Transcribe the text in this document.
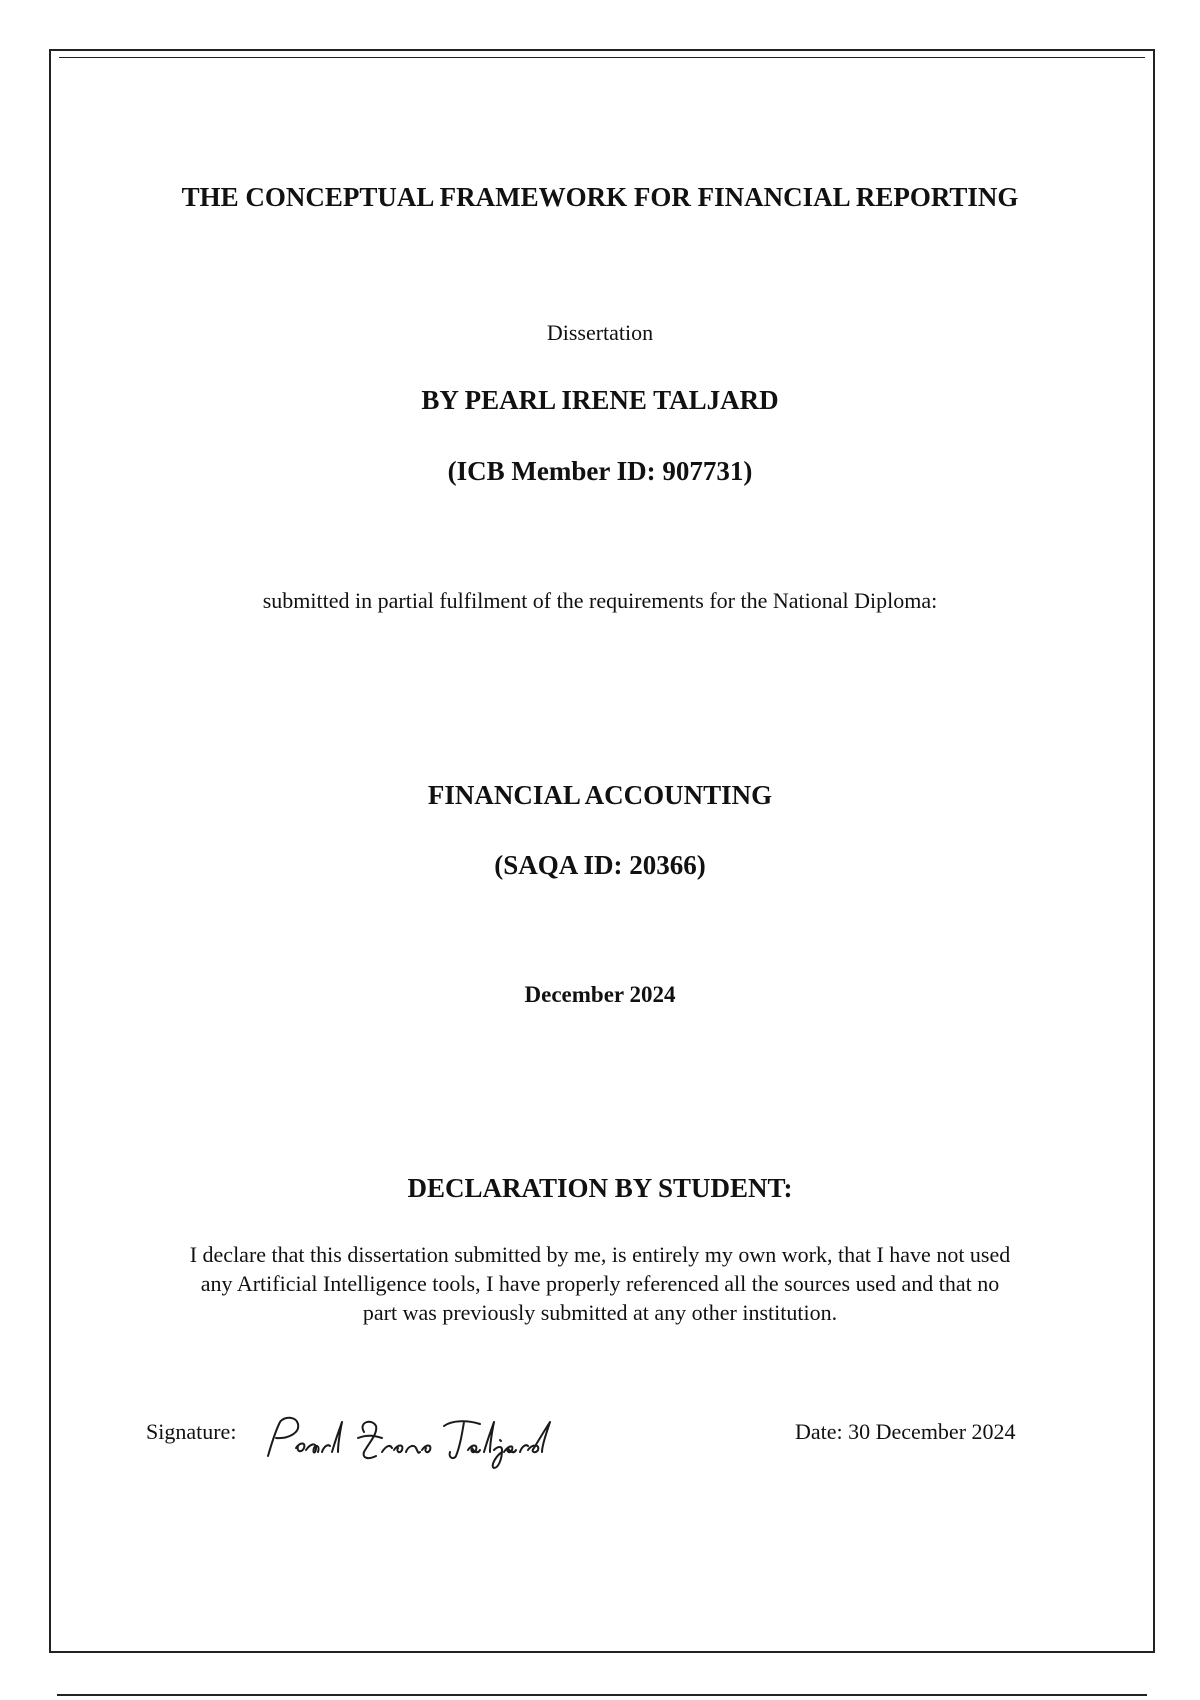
THE CONCEPTUAL FRAMEWORK FOR FINANCIAL REPORTING
Dissertation
BY PEARL IRENE TALJARD
(ICB Member ID: 907731)
submitted in partial fulfilment of the requirements for the National Diploma:
FINANCIAL ACCOUNTING
(SAQA ID: 20366)
December 2024
DECLARATION BY STUDENT:
I declare that this dissertation submitted by me, is entirely my own work, that I have not used
any Artificial Intelligence tools, I have properly referenced all the sources used and that no
part was previously submitted at any other institution.
Signature:	Date: 30 December 2024
